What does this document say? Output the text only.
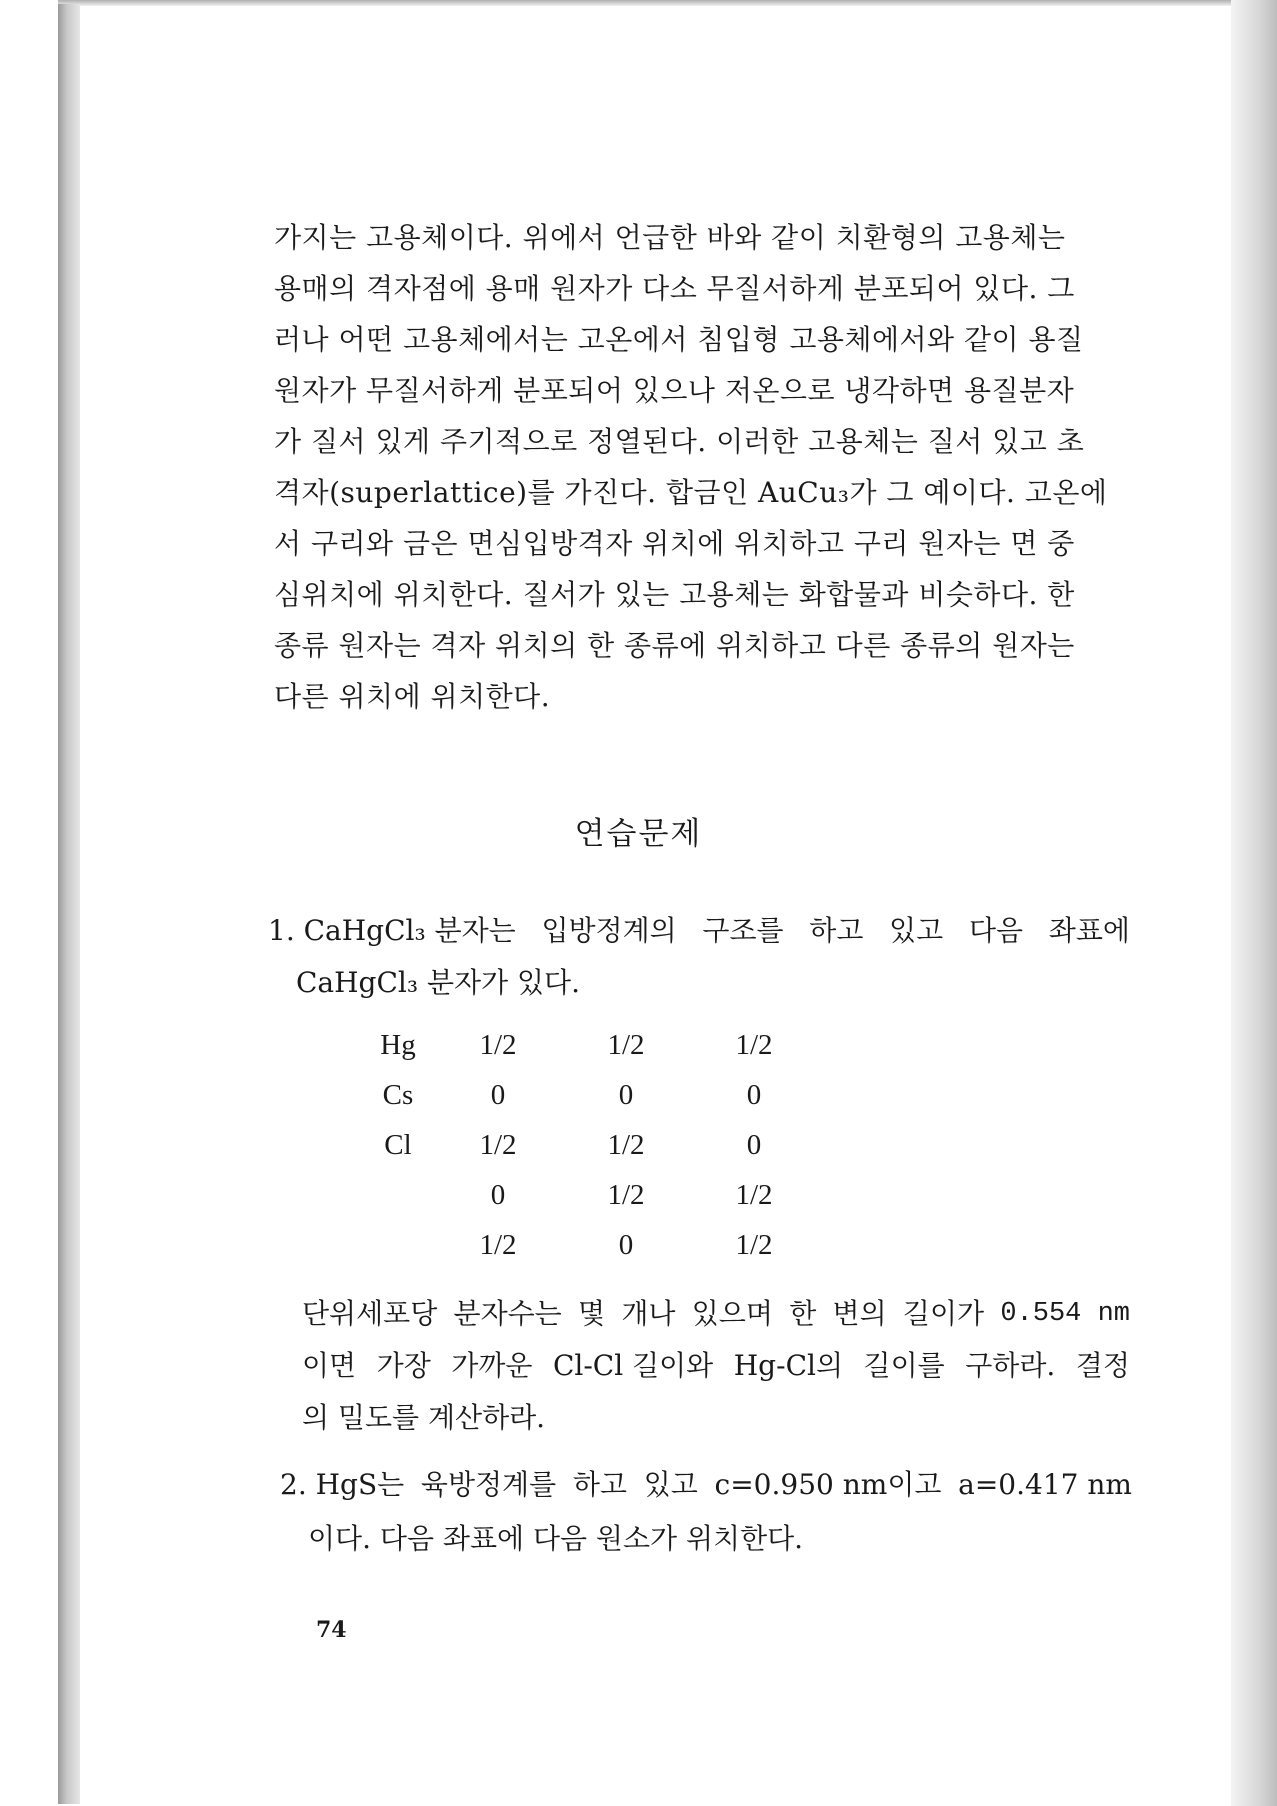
가지는 고용체이다. 위에서 언급한 바와 같이 치환형의 고용체는
용매의 격자점에 용매 원자가 다소 무질서하게 분포되어 있다. 그
러나 어떤 고용체에서는 고온에서 침입형 고용체에서와 같이 용질
원자가 무질서하게 분포되어 있으나 저온으로 냉각하면 용질분자
가 질서 있게 주기적으로 정열된다. 이러한 고용체는 질서 있고 초
격자(superlattice)를 가진다. 합금인 AuCu₃가 그 예이다. 고온에
서 구리와 금은 면심입방격자 위치에 위치하고 구리 원자는 면 중
심위치에 위치한다. 질서가 있는 고용체는 화합물과 비슷하다. 한
종류 원자는 격자 위치의 한 종류에 위치하고 다른 종류의 원자는
다른 위치에 위치한다.
연습문제
1. CaHgCl₃ 분자는 입방정계의 구조를 하고 있고 다음 좌표에
CaHgCl₃ 분자가 있다.
Hg	1/2	1/2	1/2
Cs	0	0	0
Cl	1/2	1/2	0
	0	1/2	1/2
	1/2	0	1/2
단위세포당 분자수는 몇 개나 있으며 한 변의 길이가 0.554 nm
이면 가장 가까운 Cl-Cl 길이와 Hg-Cl의 길이를 구하라. 결정
의 밀도를 계산하라.
2. HgS는 육방정계를 하고 있고 c=0.950 nm이고 a=0.417 nm
이다. 다음 좌표에 다음 원소가 위치한다.
74
